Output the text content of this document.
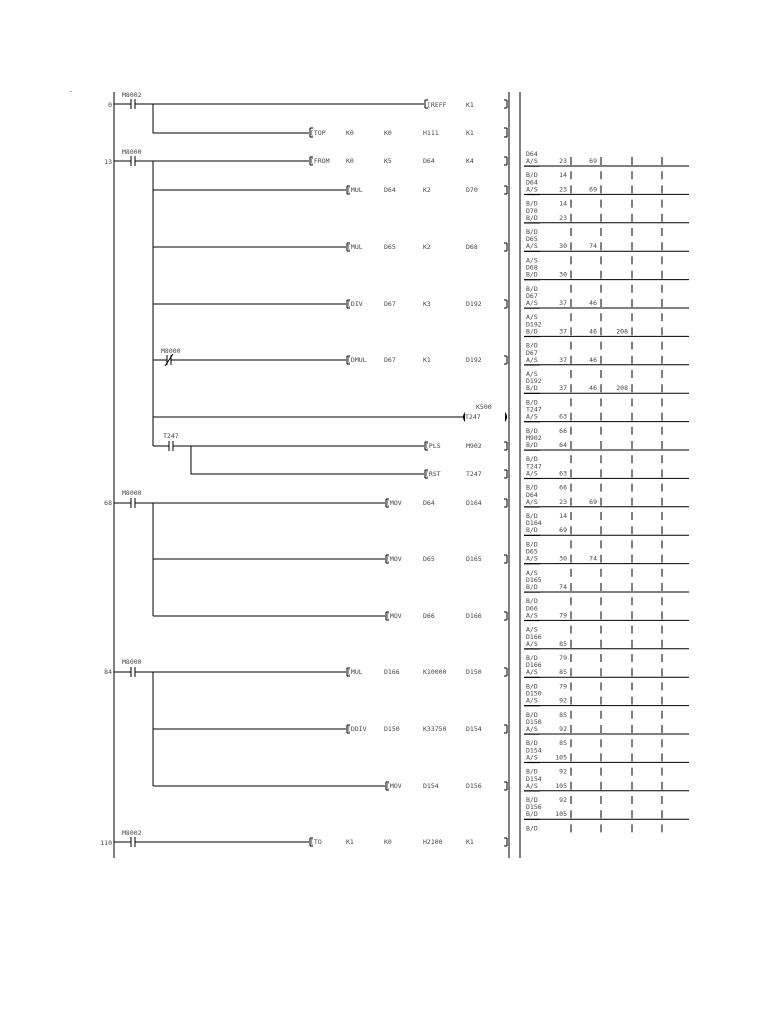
-
0
M8002
[REFF	K1
[TOP	K0	K0	H111	K1
13
M8000
[FROM	K0	K5	D64	K4
[MUL	D64	K2	D70
[MUL	D65	K2	D68
[DIV	D67	K3	D192
M8000
[DMUL	D67	K1	D192
K500
T247
T247
[PLS	M902
[RST	T247
68
M8000
[MOV	D64	D164
[MOV	D65	D165
[MOV	D66	D166
84
M8000
[MUL	D166	K10000	D150
[DDIV	D150	K33750	D154
[MOV	D154	D156
110
M8002
[TO	K1	K0	H2100	K1
D64
A/S	23	69
B/D	14
D64
A/S	23	69
B/D	14
D70
B/D	23
B/D
D65
A/S	30	74
A/S
D68
B/D	30
B/D
D67
A/S	37	46
A/S
D192
B/D	37	46	208
B/D
D67
A/S	37	46
A/S
D192
B/D	37	46	208
B/D
T247
A/S	63
B/D	66
M902
B/D	64
B/D
T247
A/S	63
B/D	66
D64
A/S	23	69
B/D	14
D164
B/D	69
B/D
D65
A/S	30	74
A/S
D165
B/D	74
B/D
D66
A/S	79
A/S
D166
A/S	85
B/D	79
D166
A/S	85
B/D	79
D150
A/S	92
B/D	85
D150
A/S	92
B/D	85
D154
A/S	105
B/D	92
D154
A/S	105
B/D	92
D156
B/D	105
B/D
